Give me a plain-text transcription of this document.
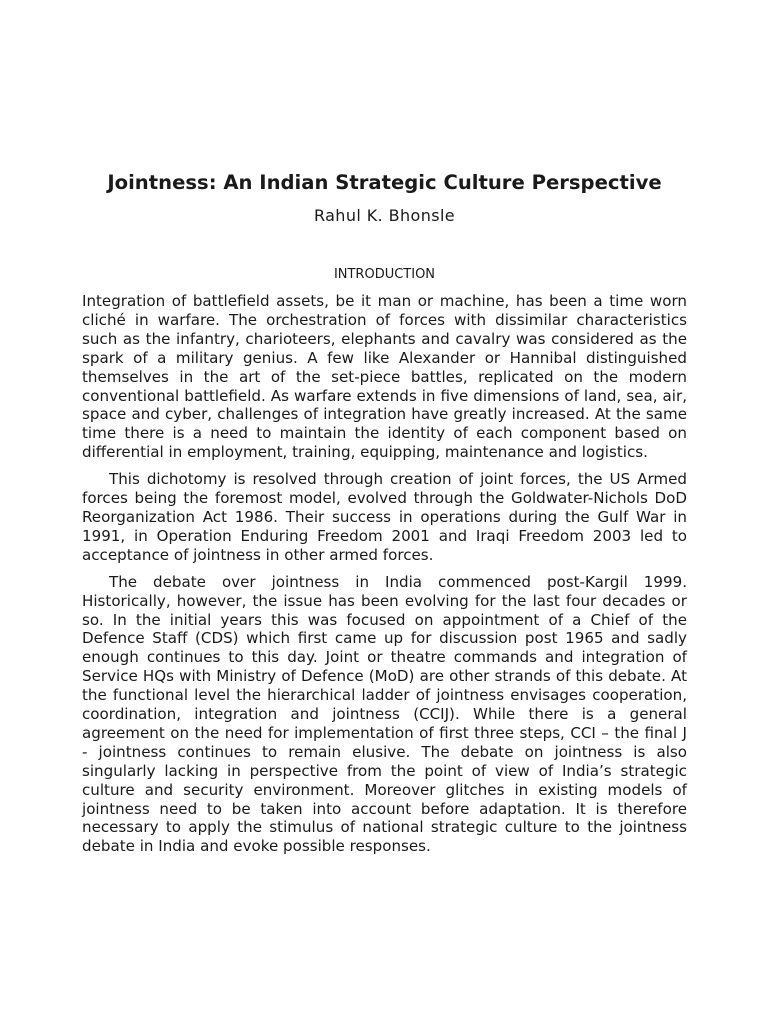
Jointness: An Indian Strategic Culture Perspective

Rahul K. Bhonsle

INTRODUCTION

Integration of battlefield assets, be it man or machine, has been a time worn cliché in warfare. The orchestration of forces with dissimilar characteristics such as the infantry, charioteers, elephants and cavalry was considered as the spark of a military genius. A few like Alexander or Hannibal distinguished themselves in the art of the set-piece battles, replicated on the modern conventional battlefield. As warfare extends in five dimensions of land, sea, air, space and cyber, challenges of integration have greatly increased. At the same time there is a need to maintain the identity of each component based on differential in employment, training, equipping, maintenance and logistics.

This dichotomy is resolved through creation of joint forces, the US Armed forces being the foremost model, evolved through the Goldwater-Nichols DoD Reorganization Act 1986. Their success in operations during the Gulf War in 1991, in Operation Enduring Freedom 2001 and Iraqi Freedom 2003 led to acceptance of jointness in other armed forces.

The debate over jointness in India commenced post-Kargil 1999. Historically, however, the issue has been evolving for the last four decades or so. In the initial years this was focused on appointment of a Chief of the Defence Staff (CDS) which first came up for discussion post 1965 and sadly enough continues to this day. Joint or theatre commands and integration of Service HQs with Ministry of Defence (MoD) are other strands of this debate. At the functional level the hierarchical ladder of jointness envisages cooperation, coordination, integration and jointness (CCIJ). While there is a general agreement on the need for implementation of first three steps, CCI – the final J - jointness continues to remain elusive. The debate on jointness is also singularly lacking in perspective from the point of view of India’s strategic culture and security environment. Moreover glitches in existing models of jointness need to be taken into account before adaptation. It is therefore necessary to apply the stimulus of national strategic culture to the jointness debate in India and evoke possible responses.
